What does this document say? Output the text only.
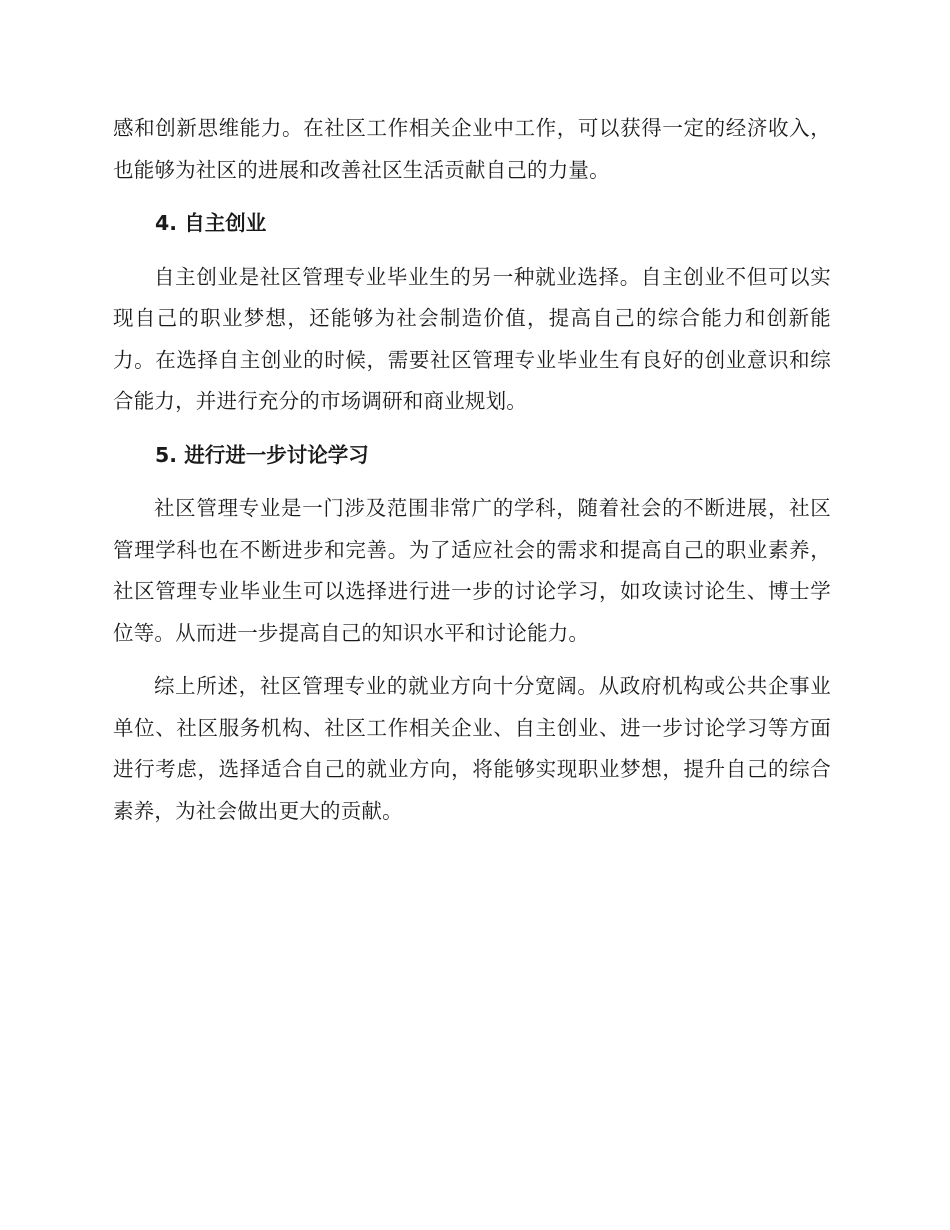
感和创新思维能力。在社区工作相关企业中工作，可以获得一定的经济收入，也能够为社区的进展和改善社区生活贡献自己的力量。

4. 自主创业

自主创业是社区管理专业毕业生的另一种就业选择。自主创业不但可以实现自己的职业梦想，还能够为社会制造价值，提高自己的综合能力和创新能力。在选择自主创业的时候，需要社区管理专业毕业生有良好的创业意识和综合能力，并进行充分的市场调研和商业规划。

5. 进行进一步讨论学习

社区管理专业是一门涉及范围非常广的学科，随着社会的不断进展，社区管理学科也在不断进步和完善。为了适应社会的需求和提高自己的职业素养，社区管理专业毕业生可以选择进行进一步的讨论学习，如攻读讨论生、博士学位等。从而进一步提高自己的知识水平和讨论能力。

综上所述，社区管理专业的就业方向十分宽阔。从政府机构或公共企事业单位、社区服务机构、社区工作相关企业、自主创业、进一步讨论学习等方面进行考虑，选择适合自己的就业方向，将能够实现职业梦想，提升自己的综合素养，为社会做出更大的贡献。
